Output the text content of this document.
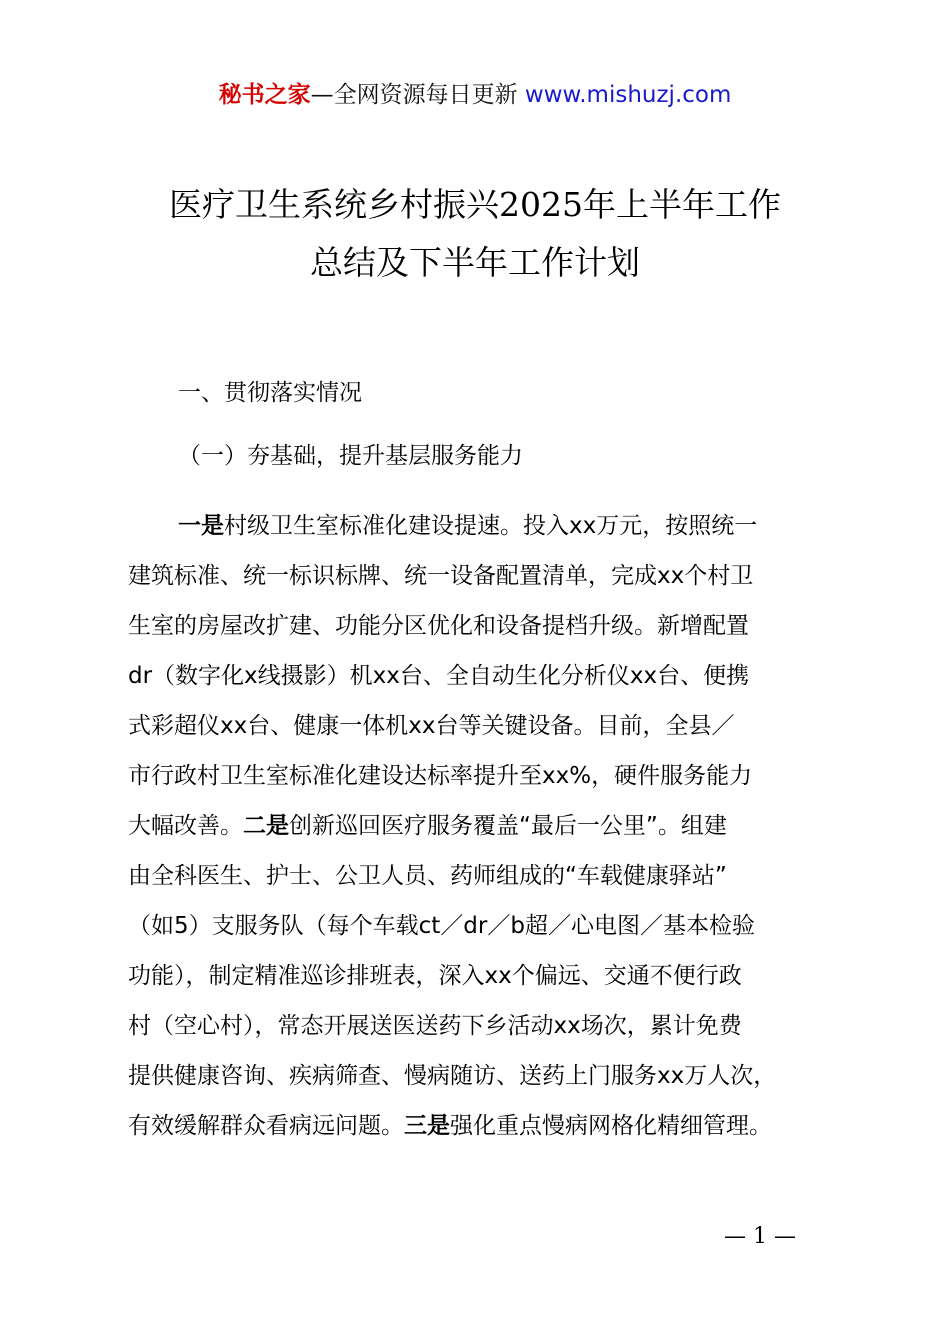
秘书之家—全网资源每日更新 www.mishuzj.com
医疗卫生系统乡村振兴2025年上半年工作
总结及下半年工作计划
一、贯彻落实情况
（一）夯基础，提升基层服务能力
一是村级卫生室标准化建设提速。投入xx万元，按照统一
建筑标准、统一标识标牌、统一设备配置清单，完成xx个村卫
生室的房屋改扩建、功能分区优化和设备提档升级。新增配置
dr（数字化x线摄影）机xx台、全自动生化分析仪xx台、便携
式彩超仪xx台、健康一体机xx台等关键设备。目前，全县／
市行政村卫生室标准化建设达标率提升至xx%，硬件服务能力
大幅改善。二是创新巡回医疗服务覆盖“最后一公里”。组建
由全科医生、护士、公卫人员、药师组成的“车载健康驿站”
（如5）支服务队（每个车载ct／dr／b超／心电图／基本检验
功能），制定精准巡诊排班表，深入xx个偏远、交通不便行政
村（空心村），常态开展送医送药下乡活动xx场次，累计免费
提供健康咨询、疾病筛查、慢病随访、送药上门服务xx万人次，
有效缓解群众看病远问题。三是强化重点慢病网格化精细管理。
— 1 —
